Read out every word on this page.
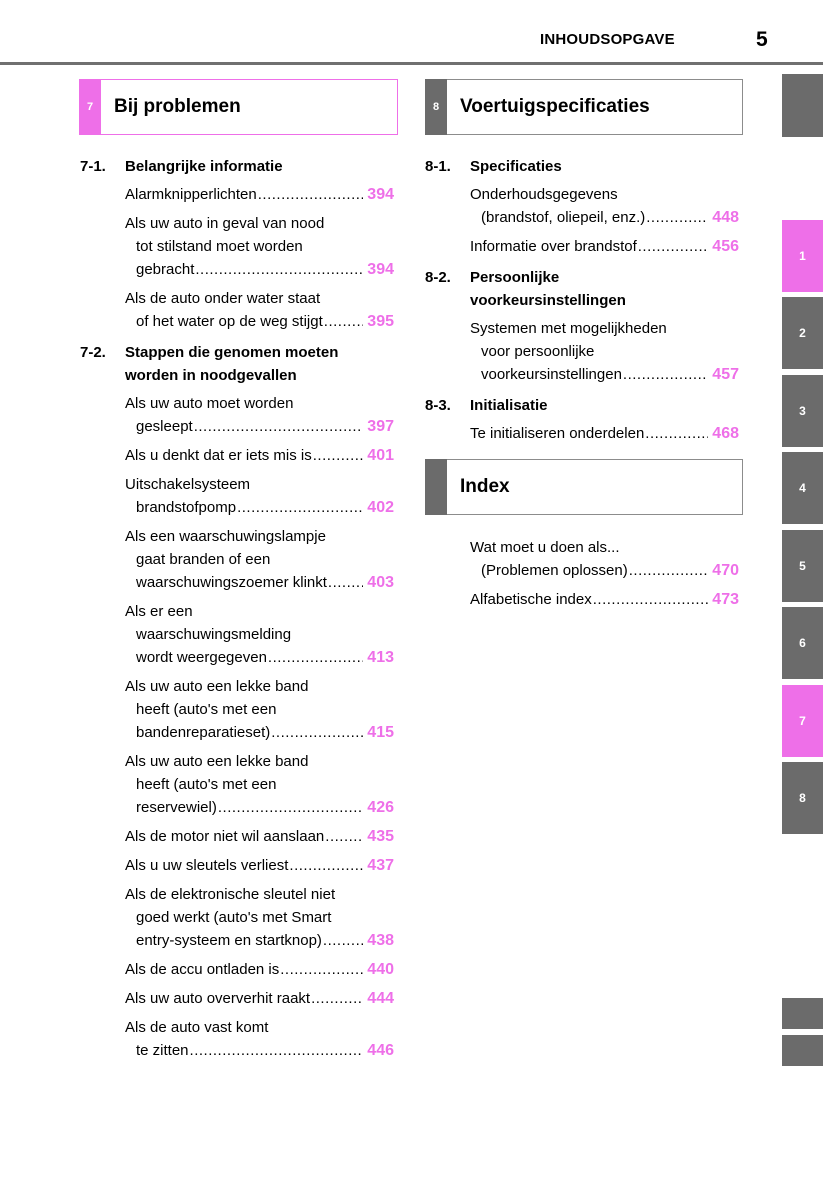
INHOUDSOPGAVE	5
7	Bij problemen	8	Voertuigspecificaties
Index
7-1. Belangrijke informatie
Alarmknipperlichten .....	394
Als uw auto in geval van nood
tot stilstand moet worden
gebracht .....	394
Als de auto onder water staat
of het water op de weg stijgt .....	395
7-2. Stappen die genomen moeten
worden in noodgevallen
Als uw auto moet worden
gesleept .....	397
Als u denkt dat er iets mis is .....	401
Uitschakelsysteem
brandstofpomp .....	402
Als een waarschuwingslampje
gaat branden of een
waarschuwingszoemer klinkt .....	403
Als er een
waarschuwingsmelding
wordt weergegeven .....	413
Als uw auto een lekke band
heeft (auto's met een
bandenreparatieset) .....	415
Als uw auto een lekke band
heeft (auto's met een
reservewiel) .....	426
Als de motor niet wil aanslaan .....	435
Als u uw sleutels verliest .....	437
Als de elektronische sleutel niet
goed werkt (auto's met Smart
entry-systeem en startknop) .....	438
Als de accu ontladen is .....	440
Als uw auto oververhit raakt .....	444
Als de auto vast komt
te zitten .....	446
8-1. Specificaties
Onderhoudsgegevens
(brandstof, oliepeil, enz.) .....	448
Informatie over brandstof .....	456
8-2. Persoonlijke
voorkeursinstellingen
Systemen met mogelijkheden
voor persoonlijke
voorkeursinstellingen .....	457
8-3. Initialisatie
Te initialiseren onderdelen .....	468
Wat moet u doen als...
(Problemen oplossen) .....	470
Alfabetische index .....	473
1
2
3
4
5
6
7
8
